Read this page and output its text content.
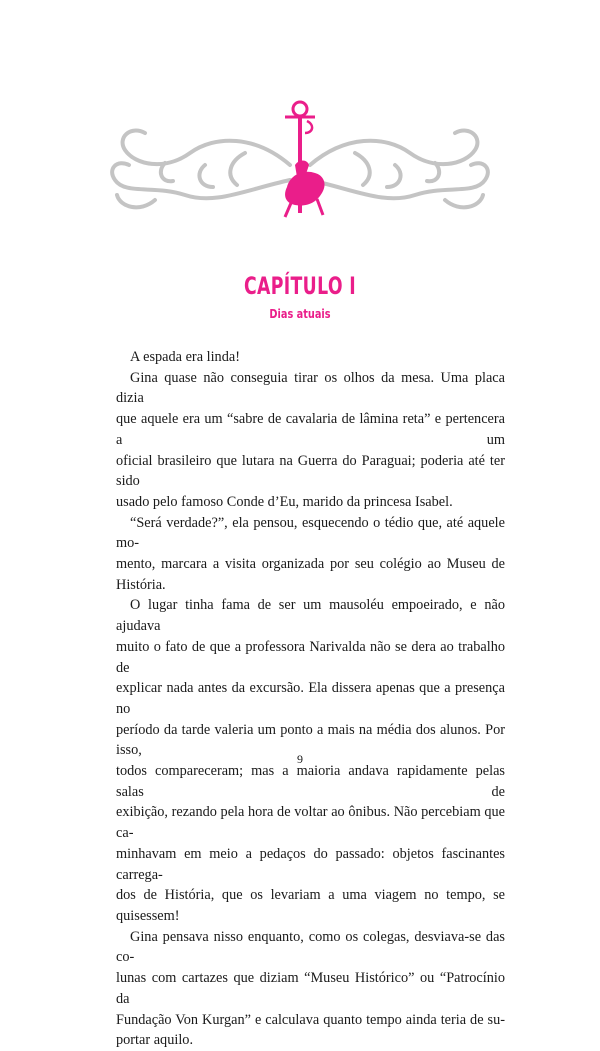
CAPÍTULO I
Dias atuais

A espada era linda!

Gina quase não conseguia tirar os olhos da mesa. Uma placa dizia
que aquele era um “sabre de cavalaria de lâmina reta” e pertencera a um
oficial brasileiro que lutara na Guerra do Paraguai; poderia até ter sido
usado pelo famoso Conde d’Eu, marido da princesa Isabel.

“Será verdade?”, ela pensou, esquecendo o tédio que, até aquele mo-
mento, marcara a visita organizada por seu colégio ao Museu de História.

O lugar tinha fama de ser um mausoléu empoeirado, e não ajudava
muito o fato de que a professora Narivalda não se dera ao trabalho de
explicar nada antes da excursão. Ela dissera apenas que a presença no
período da tarde valeria um ponto a mais na média dos alunos. Por isso,
todos compareceram; mas a maioria andava rapidamente pelas salas de
exibição, rezando pela hora de voltar ao ônibus. Não percebiam que ca-
minhavam em meio a pedaços do passado: objetos fascinantes carrega-
dos de História, que os levariam a uma viagem no tempo, se quisessem!

Gina pensava nisso enquanto, como os colegas, desviava-se das co-
lunas com cartazes que diziam “Museu Histórico” ou “Patrocínio da
Fundação Von Kurgan” e calculava quanto tempo ainda teria de su-
portar aquilo.

9
